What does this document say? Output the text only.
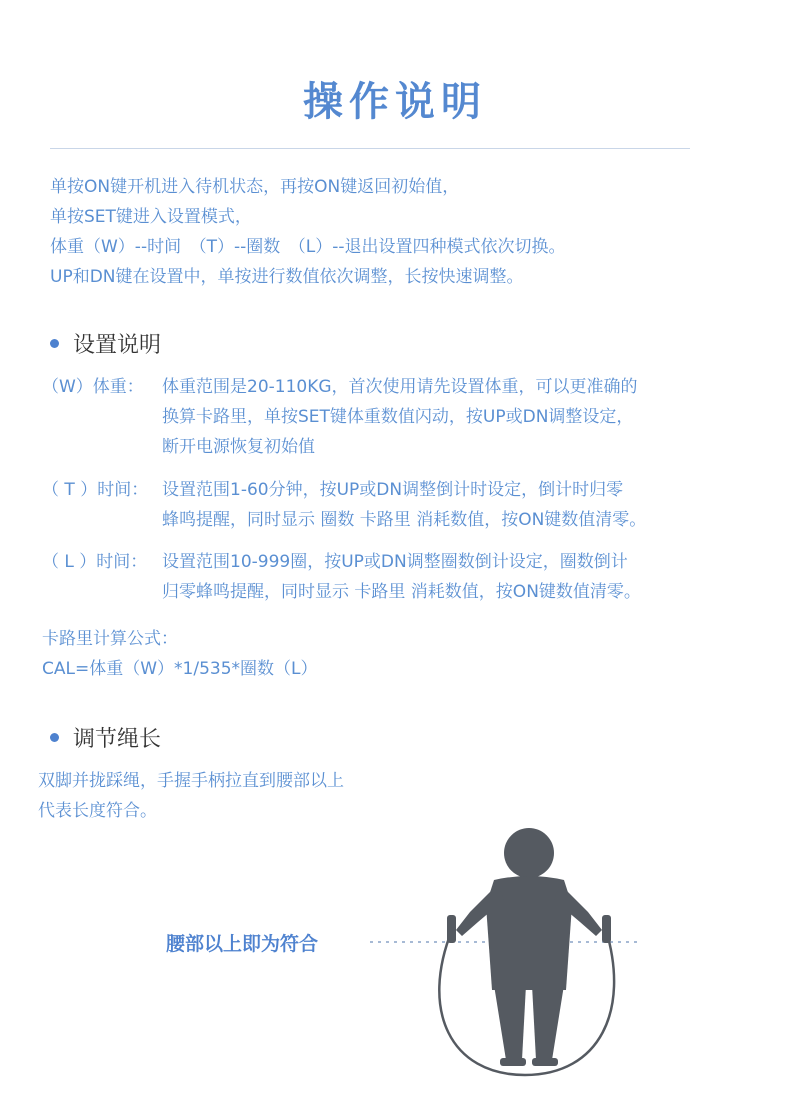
操作说明
单按ON键开机进入待机状态，再按ON键返回初始值，
单按SET键进入设置模式，
体重（W）--时间　（T）--圈数　（L）--退出设置四种模式依次切换。
UP和DN键在设置中，单按进行数值依次调整，长按快速调整。
设置说明
（W）体重：	体重范围是20-110KG，首次使用请先设置体重，可以更准确的
换算卡路里，单按SET键体重数值闪动，按UP或DN调整设定，
断开电源恢复初始值
（ T ）时间： 设置范围1-60分钟，按UP或DN调整倒计时设定，倒计时归零
蜂鸣提醒，同时显示 圈数 卡路里 消耗数值，按ON键数值清零。
（ L ）时间： 设置范围10-999圈，按UP或DN调整圈数倒计设定，圈数倒计
归零蜂鸣提醒，同时显示 卡路里 消耗数值，按ON键数值清零。
卡路里计算公式：
CAL=体重（W）*1/535*圈数（L）
调节绳长
双脚并拢踩绳，手握手柄拉直到腰部以上
代表长度符合。
腰部以上即为符合
